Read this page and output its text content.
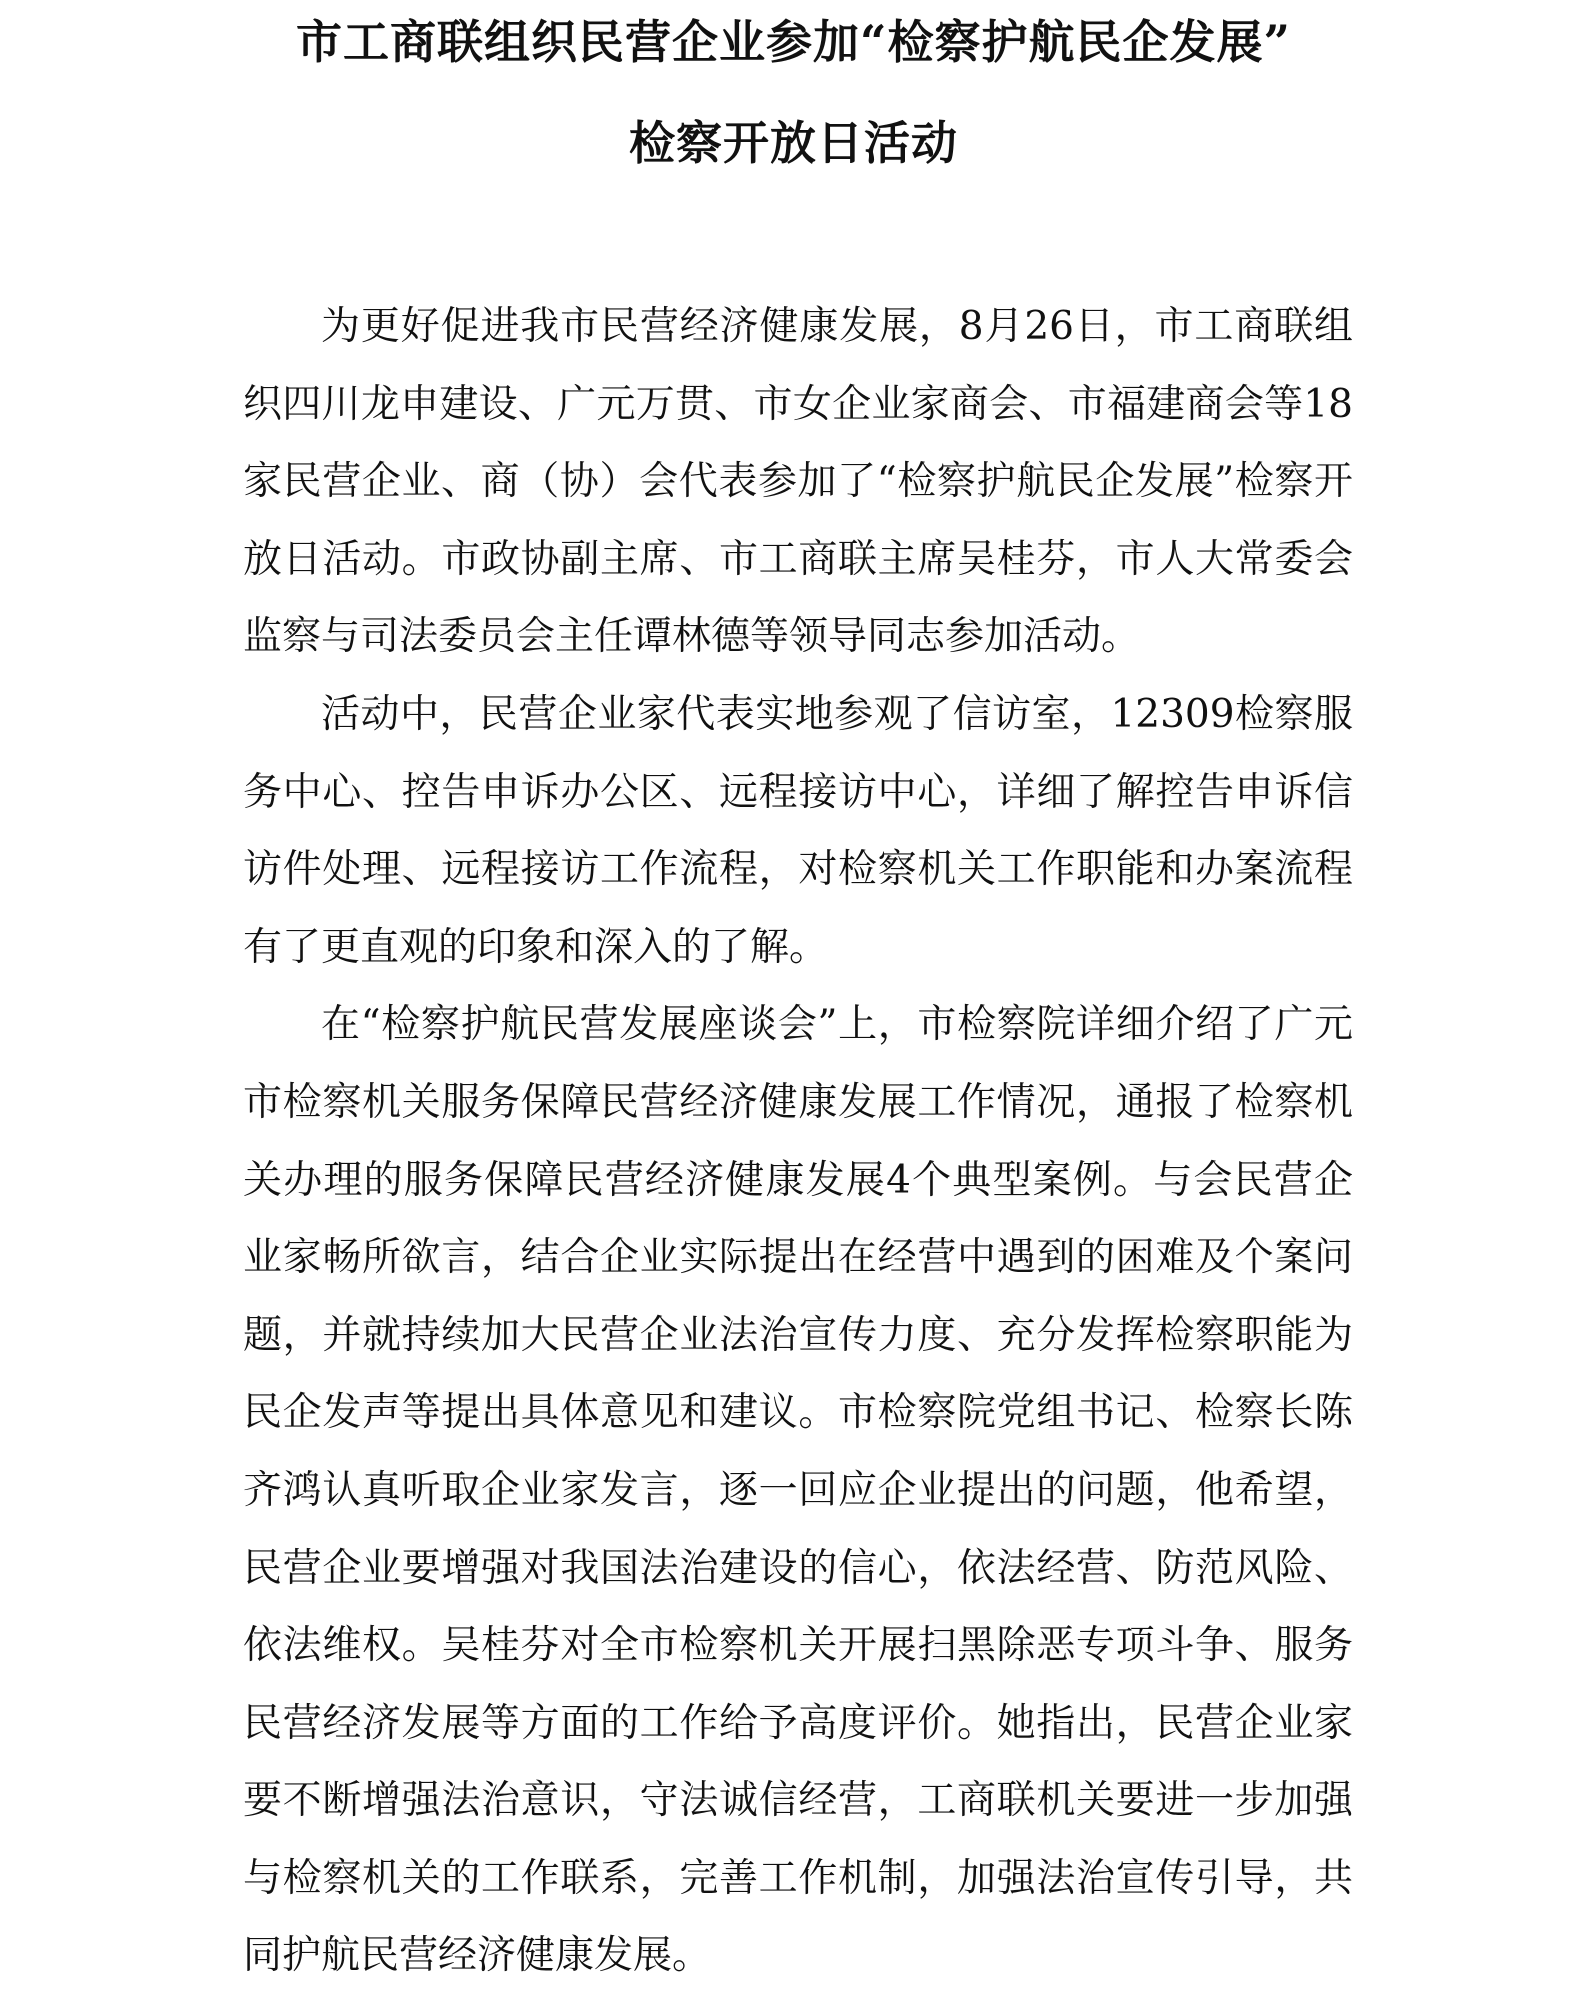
市工商联组织民营企业参加“检察护航民企发展”
检察开放日活动

为更好促进我市民营经济健康发展，8月26日，市工商联组织四川龙申建设、广元万贯、市女企业家商会、市福建商会等18家民营企业、商（协）会代表参加了“检察护航民企发展”检察开放日活动。市政协副主席、市工商联主席吴桂芬，市人大常委会监察与司法委员会主任谭林德等领导同志参加活动。

活动中，民营企业家代表实地参观了信访室，12309检察服务中心、控告申诉办公区、远程接访中心，详细了解控告申诉信访件处理、远程接访工作流程，对检察机关工作职能和办案流程有了更直观的印象和深入的了解。

在“检察护航民营发展座谈会”上，市检察院详细介绍了广元市检察机关服务保障民营经济健康发展工作情况，通报了检察机关办理的服务保障民营经济健康发展4个典型案例。与会民营企业家畅所欲言，结合企业实际提出在经营中遇到的困难及个案问题，并就持续加大民营企业法治宣传力度、充分发挥检察职能为民企发声等提出具体意见和建议。市检察院党组书记、检察长陈齐鸿认真听取企业家发言，逐一回应企业提出的问题，他希望，民营企业要增强对我国法治建设的信心，依法经营、防范风险、依法维权。吴桂芬对全市检察机关开展扫黑除恶专项斗争、服务民营经济发展等方面的工作给予高度评价。她指出，民营企业家要不断增强法治意识，守法诚信经营，工商联机关要进一步加强与检察机关的工作联系，完善工作机制，加强法治宣传引导，共同护航民营经济健康发展。
